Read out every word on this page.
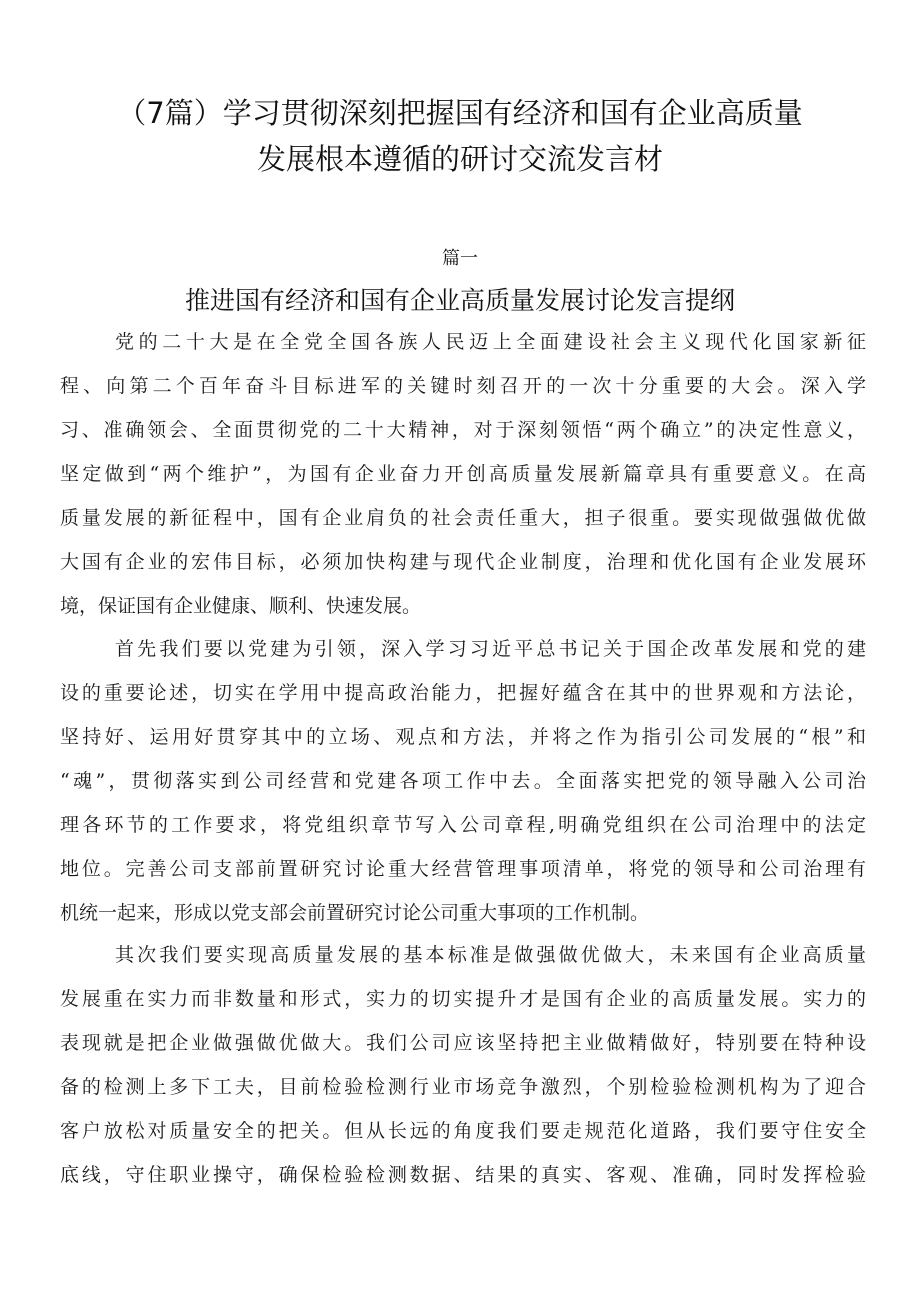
（7篇）学习贯彻深刻把握国有经济和国有企业高质量
发展根本遵循的研讨交流发言材
篇一
推进国有经济和国有企业高质量发展讨论发言提纲
党的二十大是在全党全国各族人民迈上全面建设社会主义现代化国家新征
程、向第二个百年奋斗目标进军的关键时刻召开的一次十分重要的大会。深入学
习、准确领会、全面贯彻党的二十大精神，对于深刻领悟“两个确立”的决定性意义，
坚定做到“两个维护”，为国有企业奋力开创高质量发展新篇章具有重要意义。在高
质量发展的新征程中，国有企业肩负的社会责任重大，担子很重。要实现做强做优做
大国有企业的宏伟目标，必须加快构建与现代企业制度，治理和优化国有企业发展环
境，保证国有企业健康、顺利、快速发展。
首先我们要以党建为引领，深入学习习近平总书记关于国企改革发展和党的建
设的重要论述，切实在学用中提高政治能力，把握好蕴含在其中的世界观和方法论，
坚持好、运用好贯穿其中的立场、观点和方法，并将之作为指引公司发展的“根”和
“魂”，贯彻落实到公司经营和党建各项工作中去。全面落实把党的领导融入公司治
理各环节的工作要求，将党组织章节写入公司章程,明确党组织在公司治理中的法定
地位。完善公司支部前置研究讨论重大经营管理事项清单，将党的领导和公司治理有
机统一起来，形成以党支部会前置研究讨论公司重大事项的工作机制。
其次我们要实现高质量发展的基本标准是做强做优做大，未来国有企业高质量
发展重在实力而非数量和形式，实力的切实提升才是国有企业的高质量发展。实力的
表现就是把企业做强做优做大。我们公司应该坚持把主业做精做好，特别要在特种设
备的检测上多下工夫，目前检验检测行业市场竞争激烈，个别检验检测机构为了迎合
客户放松对质量安全的把关。但从长远的角度我们要走规范化道路，我们要守住安全
底线，守住职业操守，确保检验检测数据、结果的真实、客观、准确，同时发挥检验
